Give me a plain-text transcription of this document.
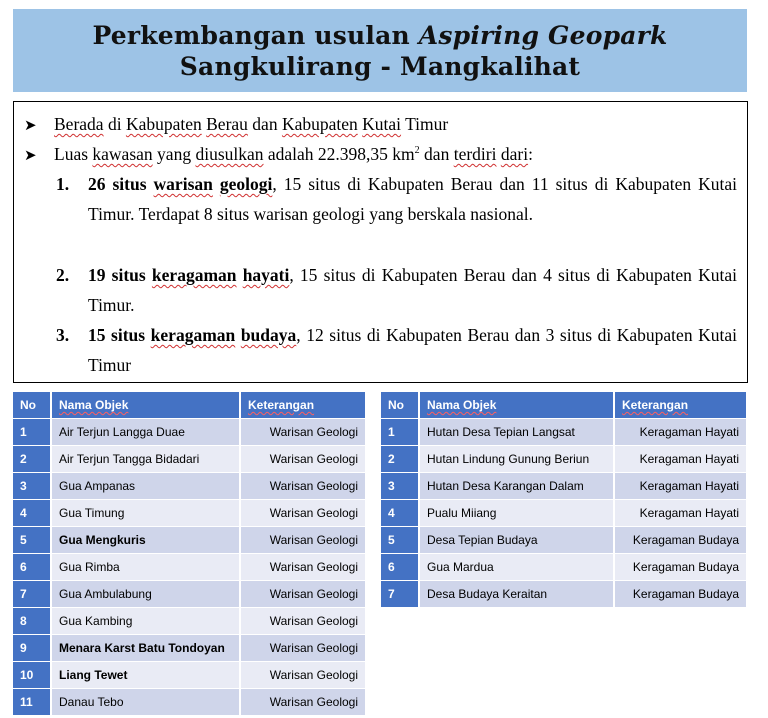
Perkembangan usulan Aspiring Geopark
Sangkulirang - Mangkalihat
➤ Berada di Kabupaten Berau dan Kabupaten Kutai Timur
➤ Luas kawasan yang diusulkan adalah 22.398,35 $km^2$ dan terdiri dari:
1. 26 situs warisan geologi, 15 situs di Kabupaten Berau dan 11 situs di Kabupaten Kutai Timur. Terdapat 8 situs warisan geologi yang berskala nasional.
2. 19 situs keragaman hayati, 15 situs di Kabupaten Berau dan 4 situs di Kabupaten Kutai Timur.
3. 15 situs keragaman budaya, 12 situs di Kabupaten Berau dan 3 situs di Kabupaten Kutai Timur
No	Nama Objek	Keterangan
1	Air Terjun Langga Duae	Warisan Geologi
2	Air Terjun Tangga Bidadari	Warisan Geologi
3	Gua Ampanas	Warisan Geologi
4	Gua Timung	Warisan Geologi
5	Gua Mengkuris	Warisan Geologi
6	Gua Rimba	Warisan Geologi
7	Gua Ambulabung	Warisan Geologi
8	Gua Kambing	Warisan Geologi
9	Menara Karst Batu Tondoyan	Warisan Geologi
10	Liang Tewet	Warisan Geologi
11	Danau Tebo	Warisan Geologi
No	Nama Objek	Keterangan
1	Hutan Desa Tepian Langsat	Keragaman Hayati
2	Hutan Lindung Gunung Beriun	Keragaman Hayati
3	Hutan Desa Karangan Dalam	Keragaman Hayati
4	Pualu Miiang	Keragaman Hayati
5	Desa Tepian Budaya	Keragaman Budaya
6	Gua Mardua	Keragaman Budaya
7	Desa Budaya Keraitan	Keragaman Budaya
